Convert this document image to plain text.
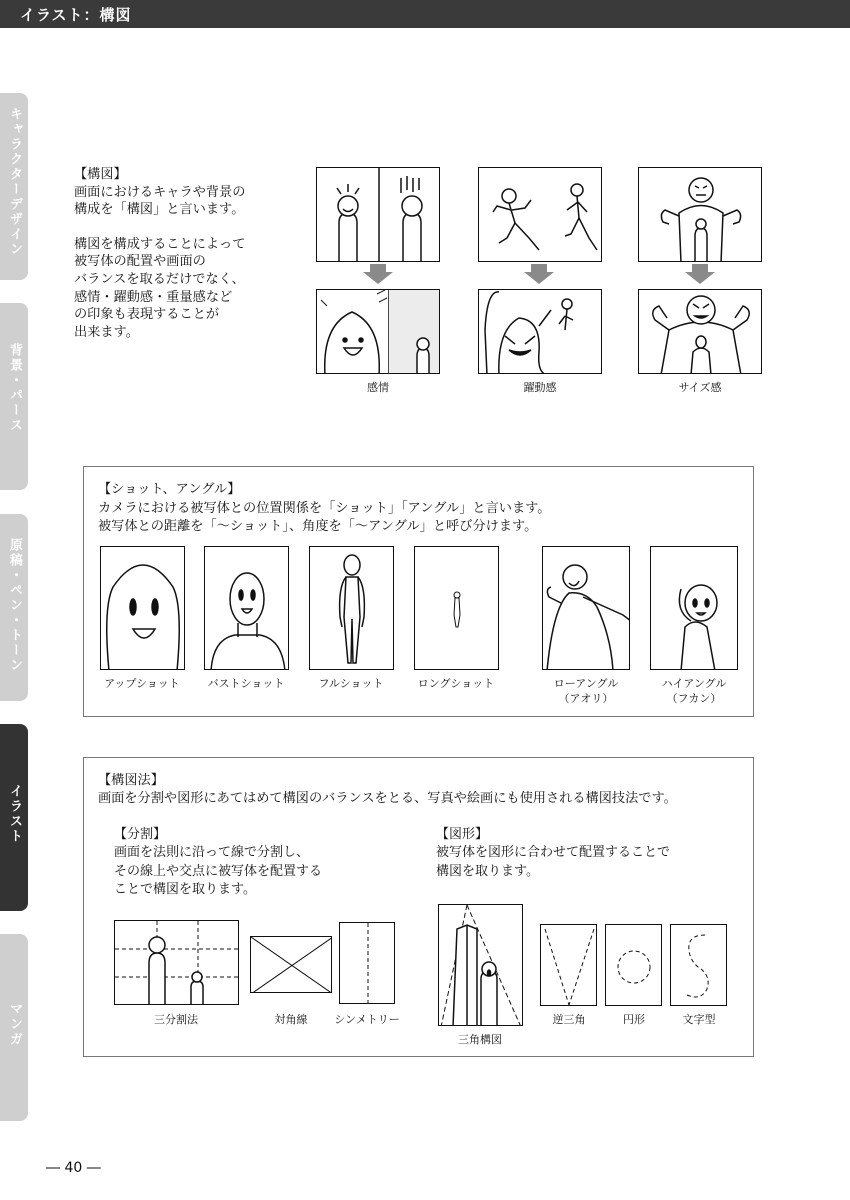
イラスト：構図
キャラクターデザイン
背景・パース
原稿・ペン・トーン
イラスト
マンガ

【構図】

画面におけるキャラや背景の
構成を「構図」と言います。

構図を構成することによって
被写体の配置や画面の
バランスを取るだけでなく、
感情・躍動感・重量感など
の印象も表現することが
出来ます。

感情	躍動感	サイズ感
【ショット、アングル】
カメラにおける被写体との位置関係を「ショット」「アングル」と言います。
被写体との距離を「～ショット」、角度を「～アングル」と呼び分けます。
アップショット	バストショット	フルショット	ロングショット	ローアングル
（アオリ）
ハイアングル
（フカン）
【構図法】
画面を分割や図形にあてはめて構図のバランスをとる、写真や絵画にも使用される構図技法です。
【分割】
画面を法則に沿って線で分割し、
その線上や交点に被写体を配置する
ことで構図を取ります。
【図形】
被写体を図形に合わせて配置することで
構図を取ります。
三分割法	対角線	シンメトリー
三角構図
逆三角	円形	文字型
― 40 ―
